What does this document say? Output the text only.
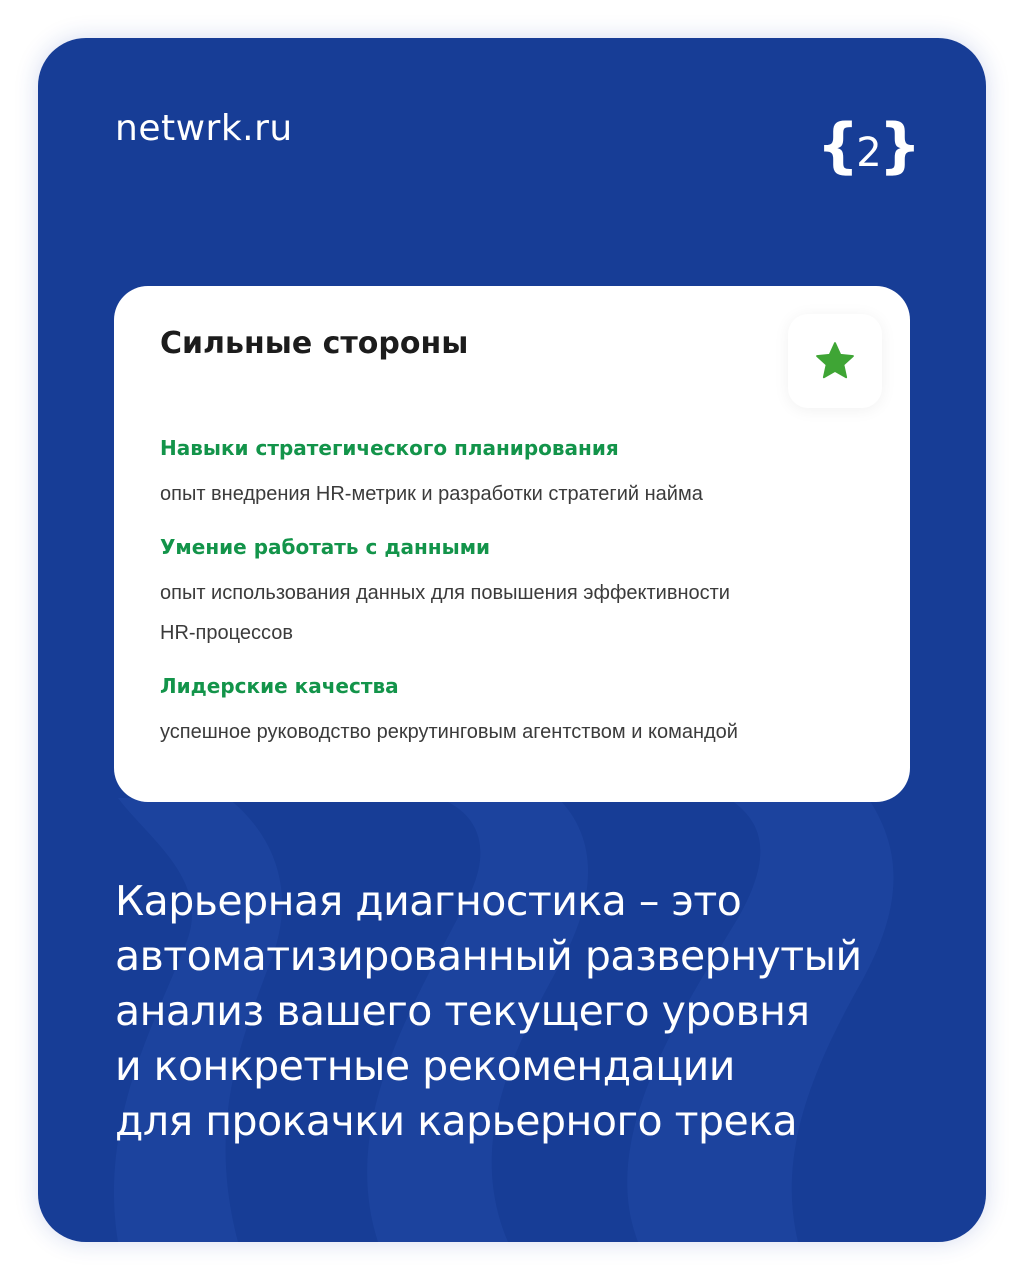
netwrk.ru	{
2
}
Сильные стороны
Навыки стратегического планирования
опыт внедрения HR-метрик и разработки стратегий найма
Умение работать с данными
опыт использования данных для повышения эффективности
HR-процессов
Лидерские качества
успешное руководство рекрутинговым агентством и командой
Карьерная диагностика – это
автоматизированный развернутый
анализ вашего текущего уровня
и конкретные рекомендации
для прокачки карьерного трека
